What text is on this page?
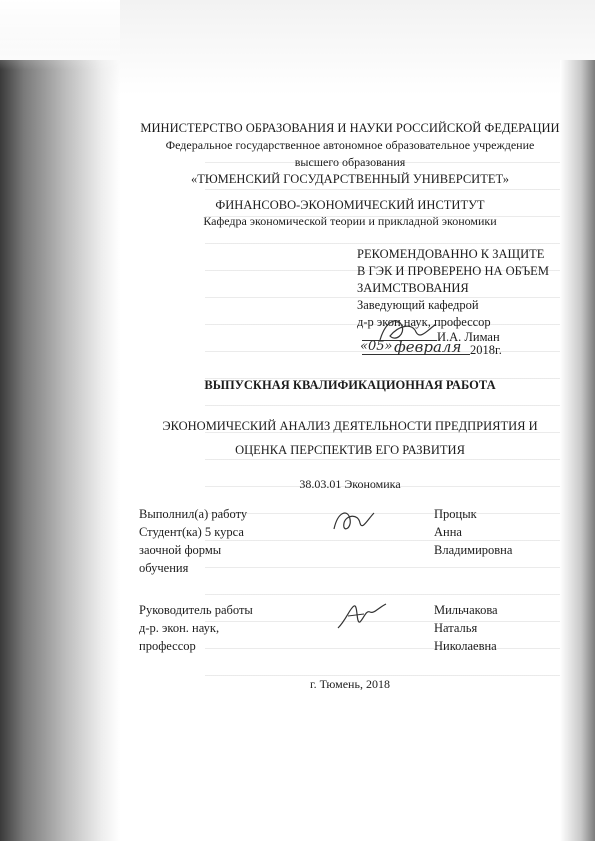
МИНИСТЕРСТВО ОБРАЗОВАНИЯ И НАУКИ РОССИЙСКОЙ ФЕДЕРАЦИИ
Федеральное государственное автономное образовательное учреждение
высшего образования
«ТЮМЕНСКИЙ ГОСУДАРСТВЕННЫЙ УНИВЕРСИТЕТ»
ФИНАНСОВО-ЭКОНОМИЧЕСКИЙ ИНСТИТУТ
Кафедра экономической теории и прикладной экономики
РЕКОМЕНДОВАННО К ЗАЩИТЕ
В ГЭК И ПРОВЕРЕНО НА ОБЪЕМ
ЗАИМСТВОВАНИЯ
Заведующий кафедрой
д-р экон.наук, профессор
И.А. Лиман
«05» февраля 2018г.
ВЫПУСКНАЯ КВАЛИФИКАЦИОННАЯ РАБОТА
ЭКОНОМИЧЕСКИЙ АНАЛИЗ ДЕЯТЕЛЬНОСТИ ПРЕДПРИЯТИЯ И
ОЦЕНКА ПЕРСПЕКТИВ ЕГО РАЗВИТИЯ
38.03.01 Экономика
Выполнил(а) работу
Студент(ка) 5 курса
заочной формы
обучения
Процык
Анна
Владимировна
Руководитель работы
д-р. экон. наук,
профессор
Мильчакова
Наталья
Николаевна
г. Тюмень, 2018
